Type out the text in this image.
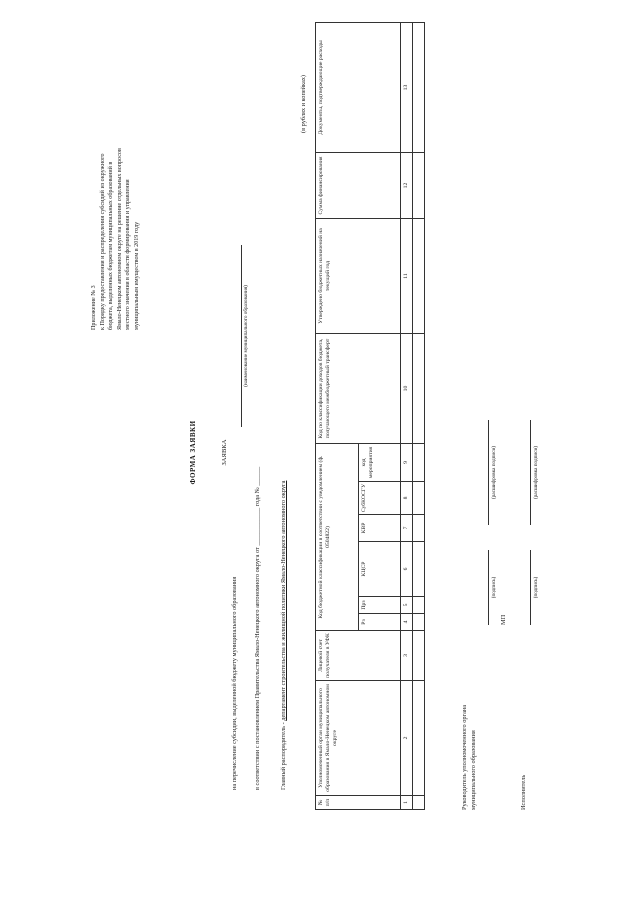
Приложение № 3 к Порядку предоставления и распределения субсидий из окружного бюджета, выделенных бюджетам муниципальных образований в Ямало-Ненецком автономном округе на решение отдельных вопросов местного значения в области формирования и управления муниципальным имуществом в 2019 году
ФОРМА ЗАЯВКИ	ЗАЯВКА
на перечисление субсидии, выделенной бюджету муниципального образования
(наименование муниципального образования)
в соответствии с постановлением Правительства Ямало-Ненецкого автономного округа от ____________ года № ______	Главный распорядитель - департамент строительства и жилищной политики Ямало-Ненецкого автономного округа
(в рублях и копейках)
№ п/п	Уполномоченный орган муниципального образования в Ямало-Ненецком автономном округе	Лицевой счет получателя в УФК	Код бюджетной классификации в соответствии с уведомлением (ф. 0504822)						Код по классификации доходов бюджета, получающего межбюджетный трансферт	Утверждено бюджетных назначений на текущий год	Сумма финансирования	Документы, подтверждающие расходы
			Рз	Прз	КЦСР	КВР	СубКОСГУ	код мероприятия				
1	2	3	4	5	6	7	8	9	10	11	12	13

Руководитель уполномоченного органа муниципального образования
(подпись)
(расшифровка подписи)
МП
Исполнитель
(подпись)
(расшифровка подписи)
